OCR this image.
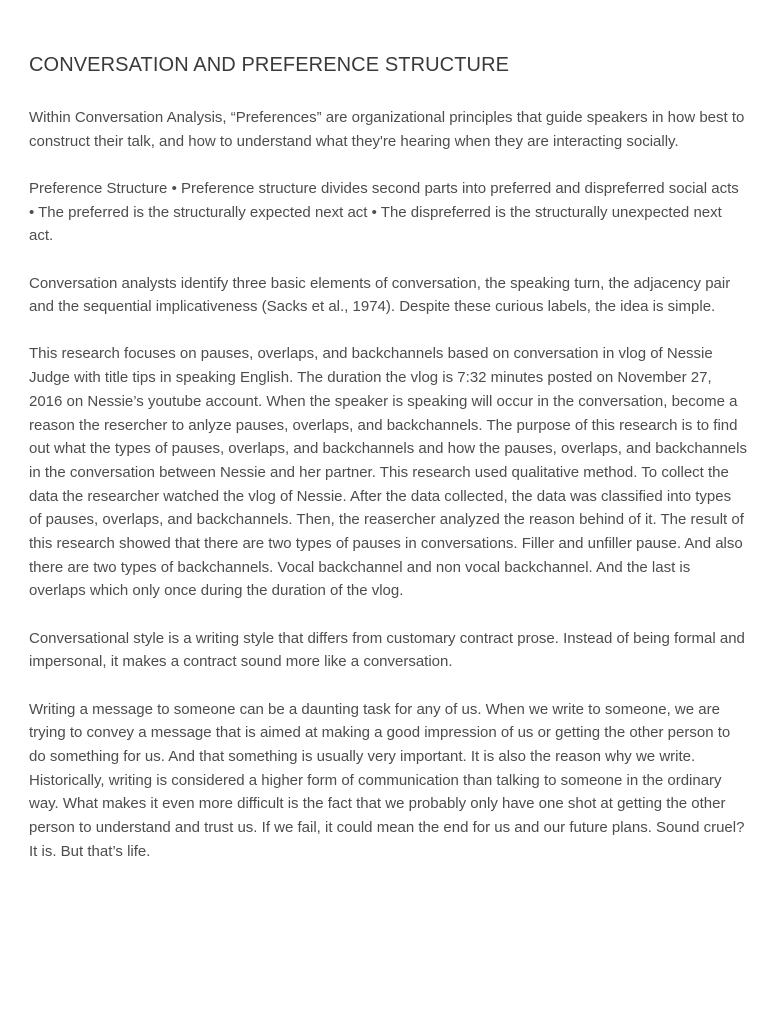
CONVERSATION AND PREFERENCE STRUCTURE

Within Conversation Analysis, “Preferences” are organizational principles that guide speakers in how best to construct their talk, and how to understand what they're hearing when they are interacting socially.

Preference Structure • Preference structure divides second parts into preferred and dispreferred social acts • The preferred is the structurally expected next act • The dispreferred is the structurally unexpected next act.

Conversation analysts identify three basic elements of conversation, the speaking turn, the adjacency pair and the sequential implicativeness (Sacks et al., 1974). Despite these curious labels, the idea is simple.

This research focuses on pauses, overlaps, and backchannels based on conversation in vlog of Nessie Judge with title tips in speaking English. The duration the vlog is 7:32 minutes posted on November 27, 2016 on Nessie’s youtube account. When the speaker is speaking will occur in the conversation, become a reason the resercher to anlyze pauses, overlaps, and backchannels. The purpose of this research is to find out what the types of pauses, overlaps, and backchannels and how the pauses, overlaps, and backchannels in the conversation between Nessie and her partner. This research used qualitative method. To collect the data the researcher watched the vlog of Nessie. After the data collected, the data was classified into types of pauses, overlaps, and backchannels. Then, the reasercher analyzed the reason behind of it. The result of this research showed that there are two types of pauses in conversations. Filler and unfiller pause. And also there are two types of backchannels. Vocal backchannel and non vocal backchannel. And the last is overlaps which only once during the duration of the vlog.

Conversational style is a writing style that differs from customary contract prose. Instead of being formal and impersonal, it makes a contract sound more like a conversation.

Writing a message to someone can be a daunting task for any of us. When we write to someone, we are trying to convey a message that is aimed at making a good impression of us or getting the other person to do something for us. And that something is usually very important. It is also the reason why we write.

Historically, writing is considered a higher form of communication than talking to someone in the ordinary way. What makes it even more difficult is the fact that we probably only have one shot at getting the other person to understand and trust us. If we fail, it could mean the end for us and our future plans. Sound cruel? It is. But that’s life.
